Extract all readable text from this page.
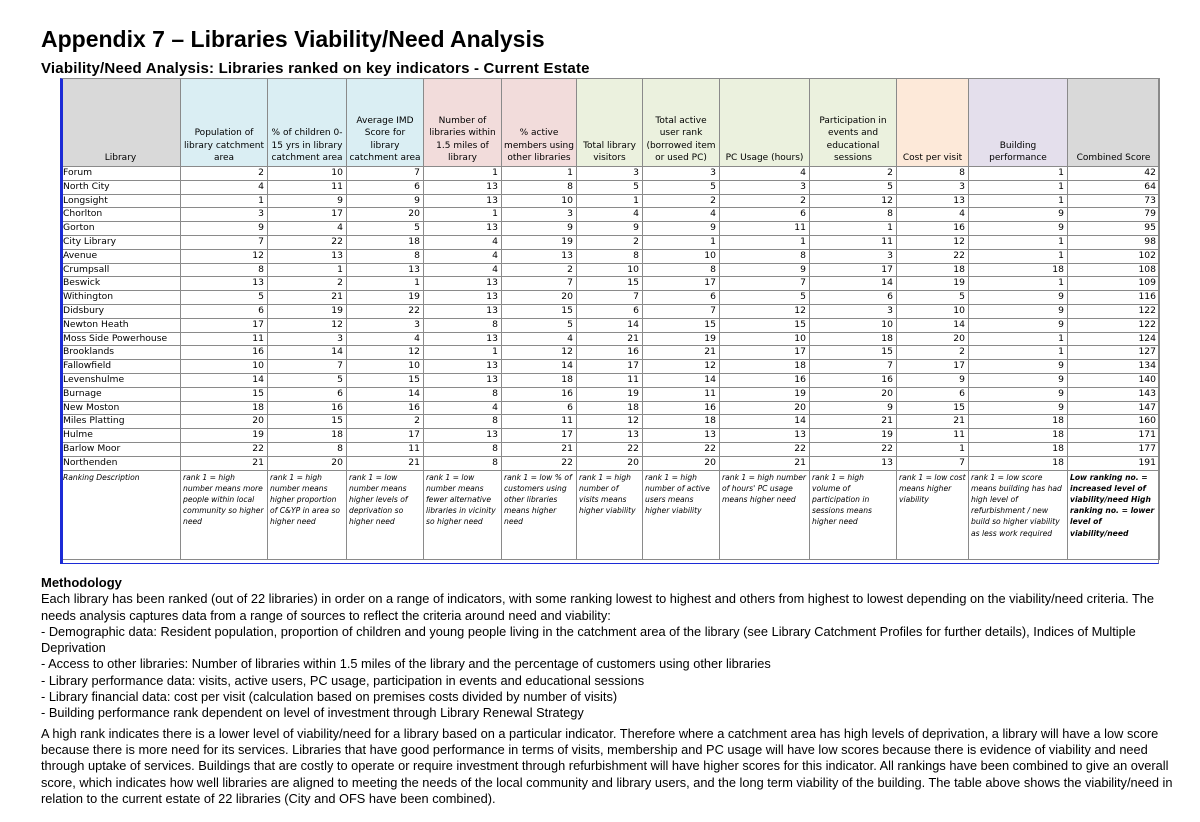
Appendix 7 – Libraries Viability/Need Analysis
Viability/Need Analysis: Libraries ranked on key indicators - Current Estate
Library	Population of library catchment area	% of children 0-15 yrs in library catchment area	Average IMD Score for library catchment area	Number of libraries within 1.5 miles of library	% active members using other libraries	Total library visitors	Total active user rank (borrowed item or used PC)	PC Usage (hours)	Participation in events and educational sessions	Cost per visit	Building performance	Combined Score
Forum	2	10	7	1	1	3	3	4	2	8	1	42
North City	4	11	6	13	8	5	5	3	5	3	1	64
Longsight	1	9	9	13	10	1	2	2	12	13	1	73
Chorlton	3	17	20	1	3	4	4	6	8	4	9	79
Gorton	9	4	5	13	9	9	9	11	1	16	9	95
City Library	7	22	18	4	19	2	1	1	11	12	1	98
Avenue	12	13	8	4	13	8	10	8	3	22	1	102
Crumpsall	8	1	13	4	2	10	8	9	17	18	18	108
Beswick	13	2	1	13	7	15	17	7	14	19	1	109
Withington	5	21	19	13	20	7	6	5	6	5	9	116
Didsbury	6	19	22	13	15	6	7	12	3	10	9	122
Newton Heath	17	12	3	8	5	14	15	15	10	14	9	122
Moss Side Powerhouse	11	3	4	13	4	21	19	10	18	20	1	124
Brooklands	16	14	12	1	12	16	21	17	15	2	1	127
Fallowfield	10	7	10	13	14	17	12	18	7	17	9	134
Levenshulme	14	5	15	13	18	11	14	16	16	9	9	140
Burnage	15	6	14	8	16	19	11	19	20	6	9	143
New Moston	18	16	16	4	6	18	16	20	9	15	9	147
Miles Platting	20	15	2	8	11	12	18	14	21	21	18	160
Hulme	19	18	17	13	17	13	13	13	19	11	18	171
Barlow Moor	22	8	11	8	21	22	22	22	22	1	18	177
Northenden	21	20	21	8	22	20	20	21	13	7	18	191
Ranking Description	rank 1 = high number means more people within local community so higher need	rank 1 = high number means higher proportion of C&YP in area so higher need	rank 1 = low number means higher levels of deprivation so higher need	rank 1 = low number means fewer alternative libraries in vicinity so higher need	rank 1 = low % of customers using other libraries means higher need	rank 1 = high number of visits means higher viability	rank 1 = high number of active users means higher viability	rank 1 = high number of hours' PC usage means higher need	rank 1 = high volume of participation in sessions means higher need	rank 1 = low cost means higher viability	rank 1 = low score means building has had high level of refurbishment / new build so higher viability as less work required	Low ranking no. = increased level of viability/need High ranking no. = lower level of viability/need
Methodology

Each library has been ranked (out of 22 libraries) in order on a range of indicators, with some ranking lowest to highest and others from highest to lowest depending on the viability/need criteria. The needs analysis captures data from a range of sources to reflect the criteria around need and viability:

- Demographic data: Resident population, proportion of children and young people living in the catchment area of the library (see Library Catchment Profiles for further details), Indices of Multiple Deprivation

- Access to other libraries: Number of libraries within 1.5 miles of the library and the percentage of customers using other libraries

- Library performance data: visits, active users, PC usage, participation in events and educational sessions

- Library financial data: cost per visit (calculation based on premises costs divided by number of visits)

- Building performance rank dependent on level of investment through Library Renewal Strategy

A high rank indicates there is a lower level of viability/need for a library based on a particular indicator. Therefore where a catchment area has high levels of deprivation, a library will have a low score because there is more need for its services. Libraries that have good performance in terms of visits, membership and PC usage will have low scores because there is evidence of viability and need through uptake of services. Buildings that are costly to operate or require investment through refurbishment will have higher scores for this indicator. All rankings have been combined to give an overall score, which indicates how well libraries are aligned to meeting the needs of the local community and library users, and the long term viability of the building. The table above shows the viability/need in relation to the current estate of 22 libraries (City and OFS have been combined).
